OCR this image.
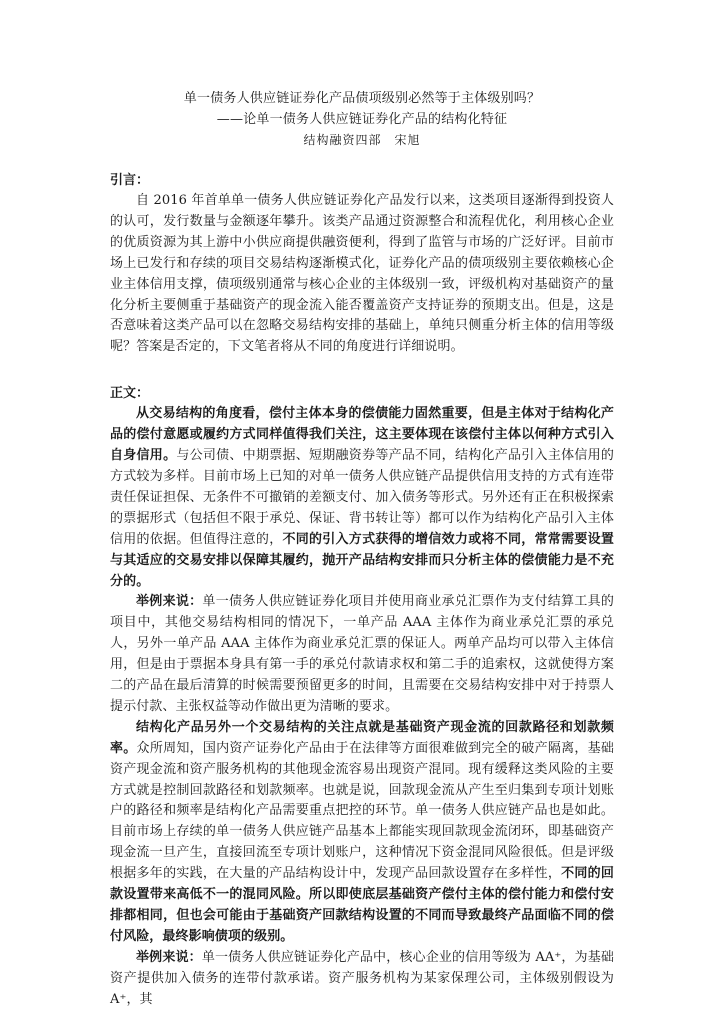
单一债务人供应链证券化产品债项级别必然等于主体级别吗？
——论单一债务人供应链证券化产品的结构化特征
结构融资四部　宋旭
引言：

自 2016 年首单单一债务人供应链证券化产品发行以来，这类项目逐渐得到投资人的认可，发行数量与金额逐年攀升。该类产品通过资源整合和流程优化，利用核心企业的优质资源为其上游中小供应商提供融资便利，得到了监管与市场的广泛好评。目前市场上已发行和存续的项目交易结构逐渐模式化，证券化产品的债项级别主要依赖核心企业主体信用支撑，债项级别通常与核心企业的主体级别一致，评级机构对基础资产的量化分析主要侧重于基础资产的现金流入能否覆盖资产支持证券的预期支出。但是，这是否意味着这类产品可以在忽略交易结构安排的基础上，单纯只侧重分析主体的信用等级呢？答案是否定的，下文笔者将从不同的角度进行详细说明。

正文：

从交易结构的角度看，偿付主体本身的偿债能力固然重要，但是主体对于结构化产品的偿付意愿或履约方式同样值得我们关注，这主要体现在该偿付主体以何种方式引入自身信用。与公司债、中期票据、短期融资券等产品不同，结构化产品引入主体信用的方式较为多样。目前市场上已知的对单一债务人供应链产品提供信用支持的方式有连带责任保证担保、无条件不可撤销的差额支付、加入债务等形式。另外还有正在积极探索的票据形式（包括但不限于承兑、保证、背书转让等）都可以作为结构化产品引入主体信用的依据。但值得注意的，不同的引入方式获得的增信效力或将不同，常常需要设置与其适应的交易安排以保障其履约，抛开产品结构安排而只分析主体的偿债能力是不充分的。

举例来说：单一债务人供应链证券化项目并使用商业承兑汇票作为支付结算工具的项目中，其他交易结构相同的情况下，一单产品 AAA 主体作为商业承兑汇票的承兑人，另外一单产品 AAA 主体作为商业承兑汇票的保证人。两单产品均可以带入主体信用，但是由于票据本身具有第一手的承兑付款请求权和第二手的追索权，这就使得方案二的产品在最后清算的时候需要预留更多的时间，且需要在交易结构安排中对于持票人提示付款、主张权益等动作做出更为清晰的要求。

结构化产品另外一个交易结构的关注点就是基础资产现金流的回款路径和划款频率。众所周知，国内资产证券化产品由于在法律等方面很难做到完全的破产隔离，基础资产现金流和资产服务机构的其他现金流容易出现资产混同。现有缓释这类风险的主要方式就是控制回款路径和划款频率。也就是说，回款现金流从产生至归集到专项计划账户的路径和频率是结构化产品需要重点把控的环节。单一债务人供应链产品也是如此。目前市场上存续的单一债务人供应链产品基本上都能实现回款现金流闭环，即基础资产现金流一旦产生，直接回流至专项计划账户，这种情况下资金混同风险很低。但是评级根据多年的实践，在大量的产品结构设计中，发现产品回款设置存在多样性，不同的回款设置带来高低不一的混同风险。所以即使底层基础资产偿付主体的偿付能力和偿付安排都相同，但也会可能由于基础资产回款结构设置的不同而导致最终产品面临不同的偿付风险，最终影响债项的级别。

举例来说：单一债务人供应链证券化产品中，核心企业的信用等级为 AA⁺，为基础资产提供加入债务的连带付款承诺。资产服务机构为某家保理公司，主体级别假设为 A⁺，其
